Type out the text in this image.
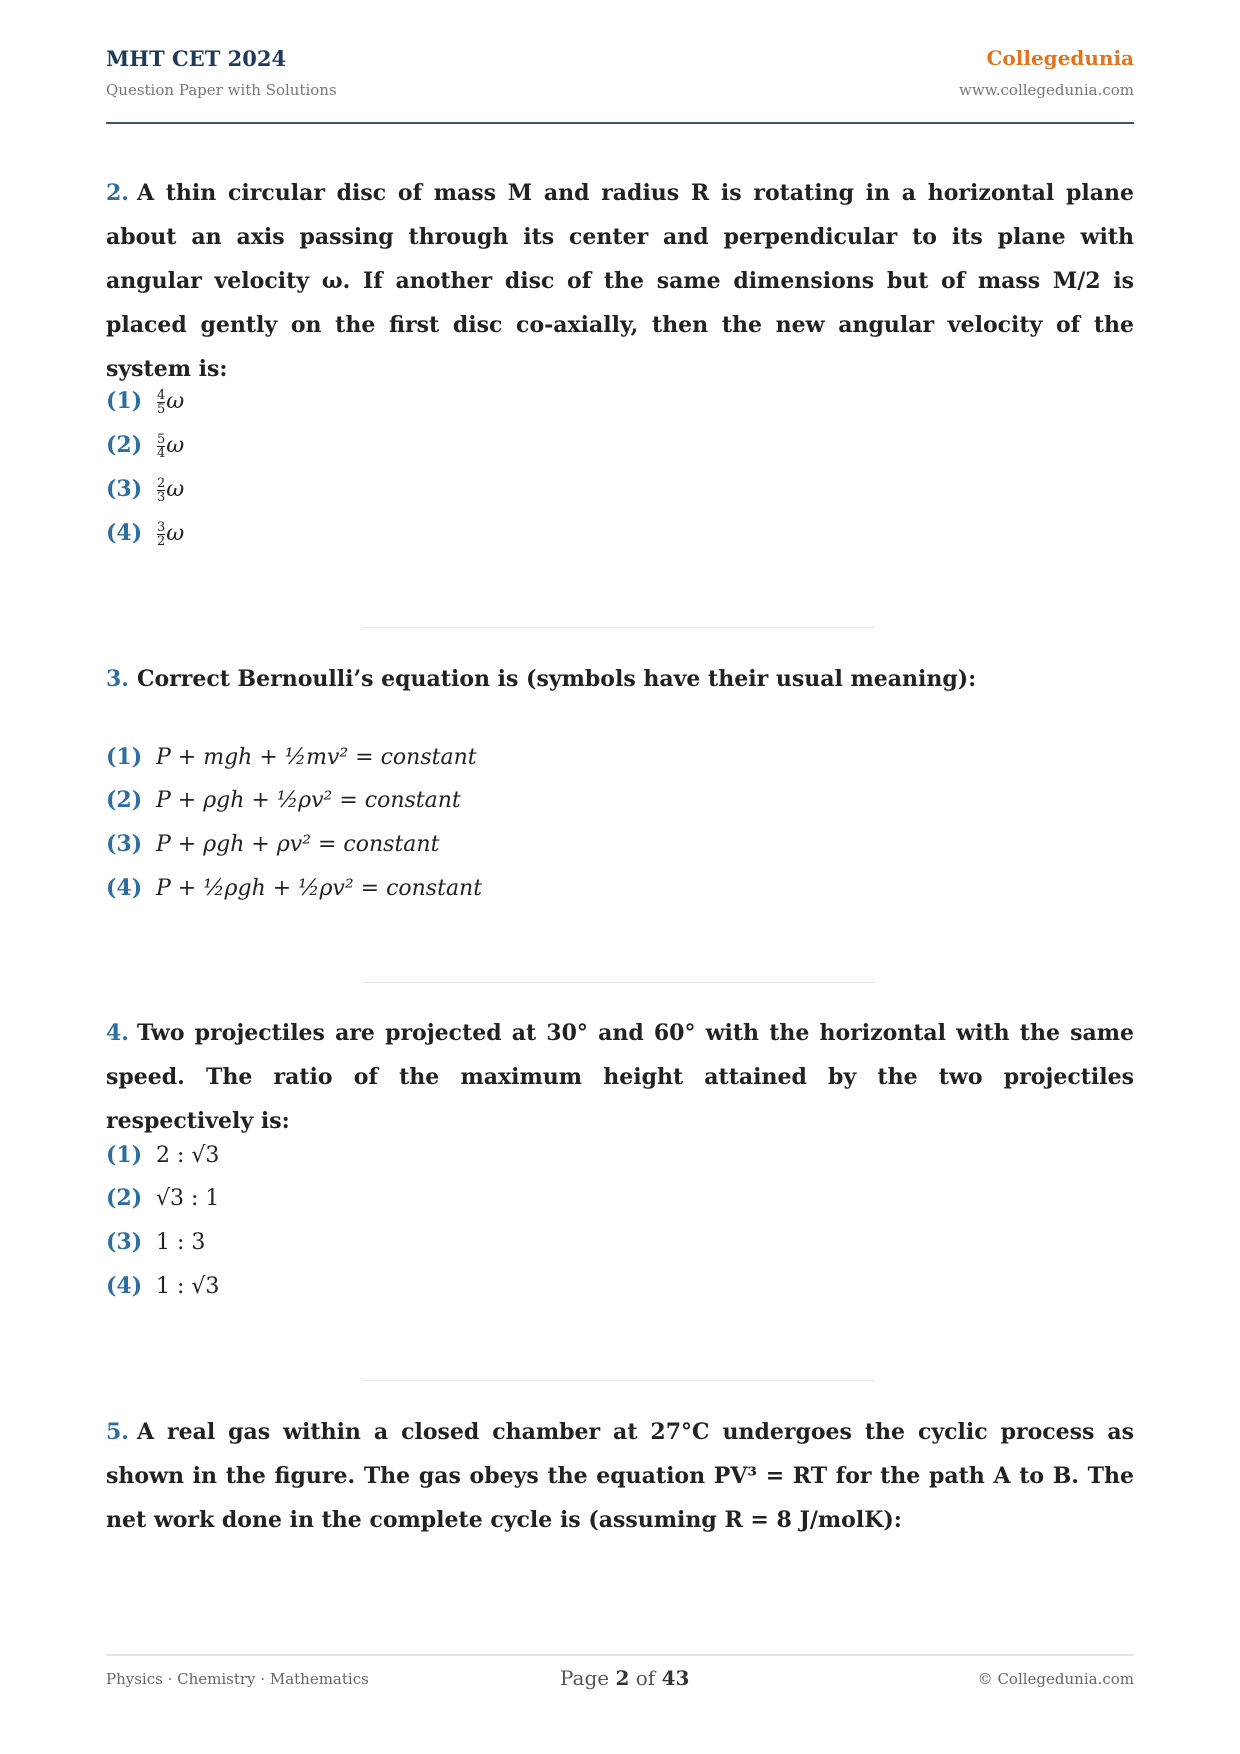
MHT CET 2024
Question Paper with Solutions
Collegedunia
www.collegedunia.com
2. A thin circular disc of mass M and radius R is rotating in a horizontal plane about an axis passing through its center and perpendicular to its plane with angular velocity ω. If another disc of the same dimensions but of mass M/2 is placed gently on the first disc co-axially, then the new angular velocity of the system is:
$(1) \frac{4}{5}$ ω
$(2) \frac{5}{4}$ ω
$(3) \frac{2}{3}$ ω
$(4) \frac{3}{2}$ ω
3. Correct Bernoulli’s equation is (symbols have their usual meaning):
(1) P + mgh + ½mv² = constant
(2) P + ρgh + ½ρv² = constant
(3) P + ρgh + ρv² = constant
(4) P + ½ρgh + ½ρv² = constant
4. Two projectiles are projected at 30° and 60° with the horizontal with the same speed. The ratio of the maximum height attained by the two projectiles respectively is:
(1) 2 : √3
(2) √3 : 1
(3) 1 : 3
(4) 1 : √3
5. A real gas within a closed chamber at 27°C undergoes the cyclic process as shown in the figure. The gas obeys the equation PV³ = RT for the path A to B. The net work done in the complete cycle is (assuming R = 8 J/molK):
Physics · Chemistry · Mathematics	Page 2 of 43	© Collegedunia.com
